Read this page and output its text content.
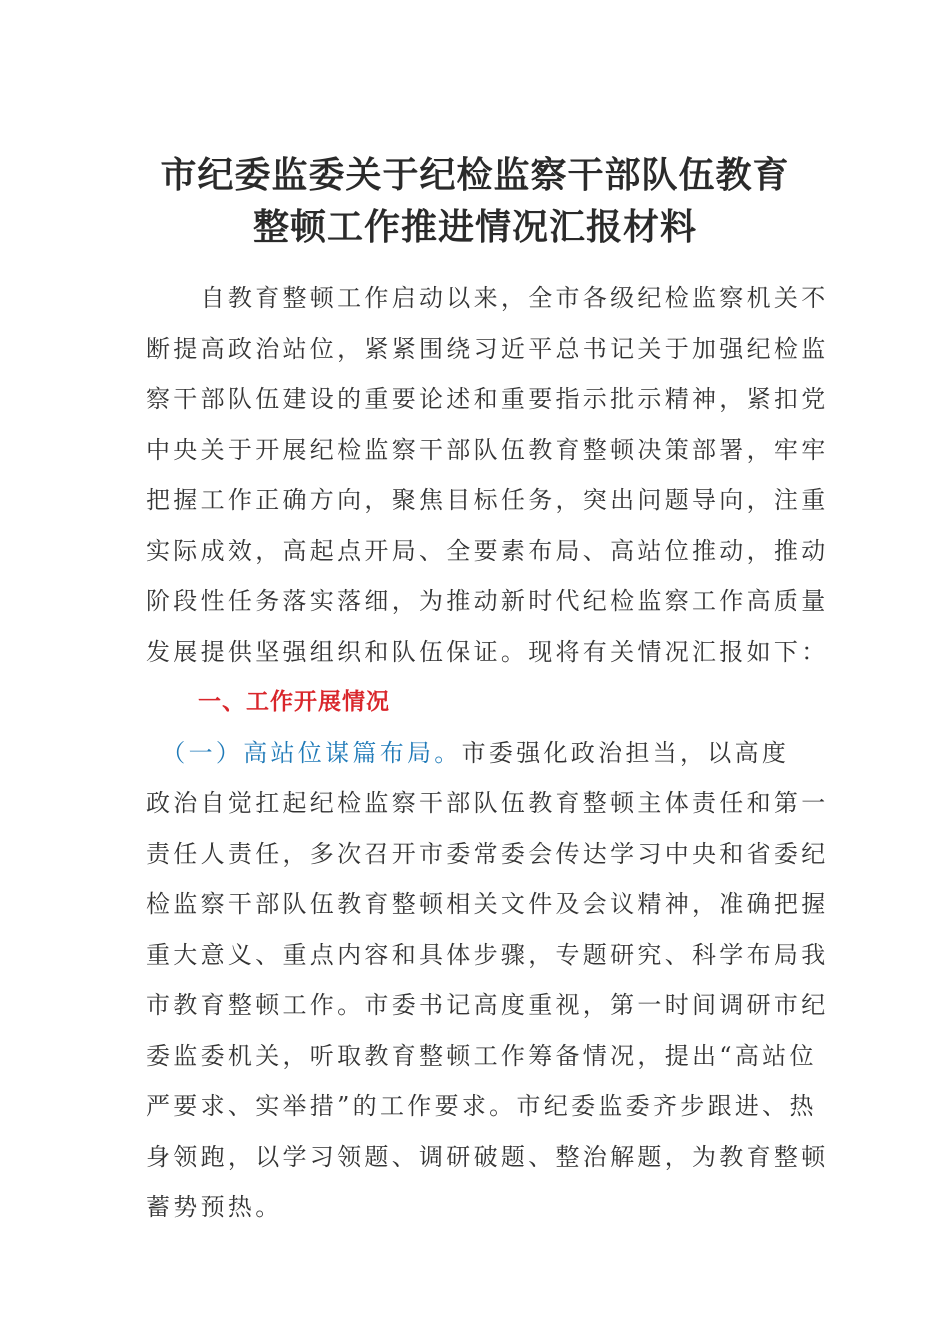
市纪委监委关于纪检监察干部队伍教育
整顿工作推进情况汇报材料
　　自教育整顿工作启动以来，全市各级纪检监察机关不
断提高政治站位，紧紧围绕习近平总书记关于加强纪检监
察干部队伍建设的重要论述和重要指示批示精神，紧扣党
中央关于开展纪检监察干部队伍教育整顿决策部署，牢牢
把握工作正确方向，聚焦目标任务，突出问题导向，注重
实际成效，高起点开局、全要素布局、高站位推动，推动
阶段性任务落实落细，为推动新时代纪检监察工作高质量
发展提供坚强组织和队伍保证。现将有关情况汇报如下：
一、工作开展情况
　（一）高站位谋篇布局。市委强化政治担当，以高度
政治自觉扛起纪检监察干部队伍教育整顿主体责任和第一
责任人责任，多次召开市委常委会传达学习中央和省委纪
检监察干部队伍教育整顿相关文件及会议精神，准确把握
重大意义、重点内容和具体步骤，专题研究、科学布局我
市教育整顿工作。市委书记高度重视，第一时间调研市纪
委监委机关，听取教育整顿工作筹备情况，提出“高站位
严要求、实举措”的工作要求。市纪委监委齐步跟进、热
身领跑，以学习领题、调研破题、整治解题，为教育整顿
蓄势预热。
